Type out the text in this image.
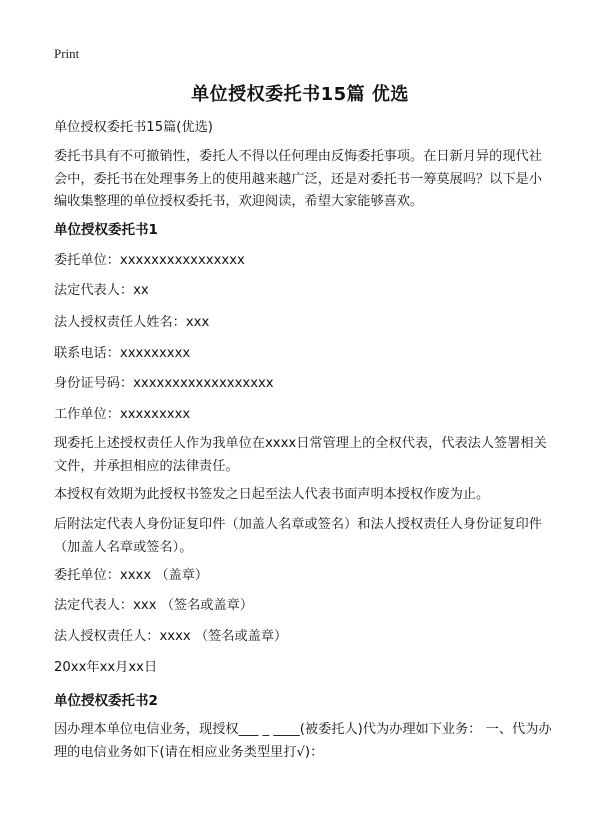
Print
单位授权委托书15篇 优选
单位授权委托书15篇(优选)
委托书具有不可撤销性，委托人不得以任何理由反悔委托事项。在日新月异的现代社会中，委托书在处理事务上的使用越来越广泛，还是对委托书一筹莫展吗？以下是小编收集整理的单位授权委托书，欢迎阅读，希望大家能够喜欢。
单位授权委托书1
委托单位：xxxxxxxxxxxxxxxx
法定代表人：xx
法人授权责任人姓名：xxx
联系电话：xxxxxxxxx
身份证号码：xxxxxxxxxxxxxxxxxx
工作单位：xxxxxxxxx
现委托上述授权责任人作为我单位在xxxx日常管理上的全权代表，代表法人签署相关文件，并承担相应的法律责任。
本授权有效期为此授权书签发之日起至法人代表书面声明本授权作废为止。
后附法定代表人身份证复印件（加盖人名章或签名）和法人授权责任人身份证复印件（加盖人名章或签名）。
委托单位：xxxx （盖章）
法定代表人：xxx （签名或盖章）
法人授权责任人：xxxx （签名或盖章）
20xx年xx月xx日
单位授权委托书2
因办理本单位电信业务，现授权___ _ ____(被委托人)代为办理如下业务： 一、代为办理的电信业务如下(请在相应业务类型里打√)：
